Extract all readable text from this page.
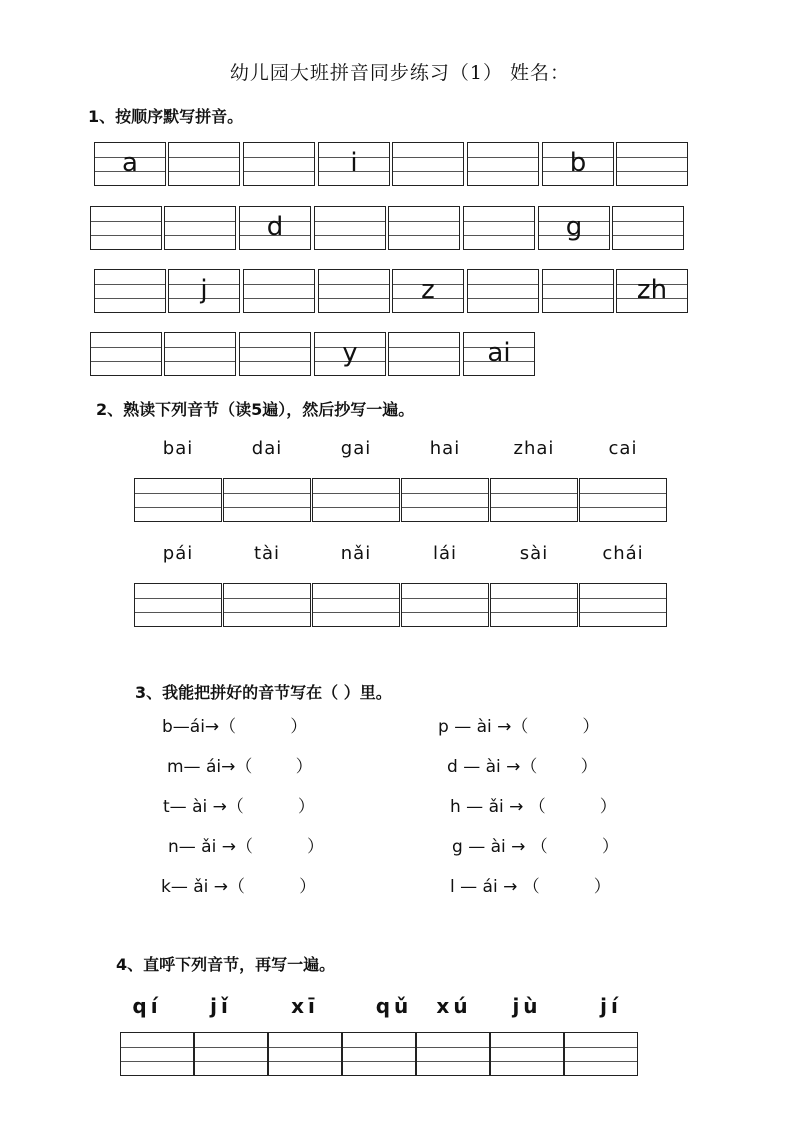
幼儿园大班拼音同步练习（1） 姓名：
1、按顺序默写拼音。
a	i	b
d	g
j	z	zh
y	ai
2、熟读下列音节（读5遍），然后抄写一遍。
bai	dai	gai	hai	zhai	cai
pái	tài	nǎi	lái	sài	chái
3、我能把拼好的音节写在（ ）里。
b—ái→（          ）
m— ái→（        ）
t— ài →（          ）
n— ǎi →（          ）
k— ǎi →（          ）
p — ài →（          ）
d — ài →（        ）
h — ǎi → （          ）
g — ài → （          ）
l — ái → （          ）
4、直呼下列音节，再写一遍。
qí	jǐ	xī	qǔ	xú	jù	jí
